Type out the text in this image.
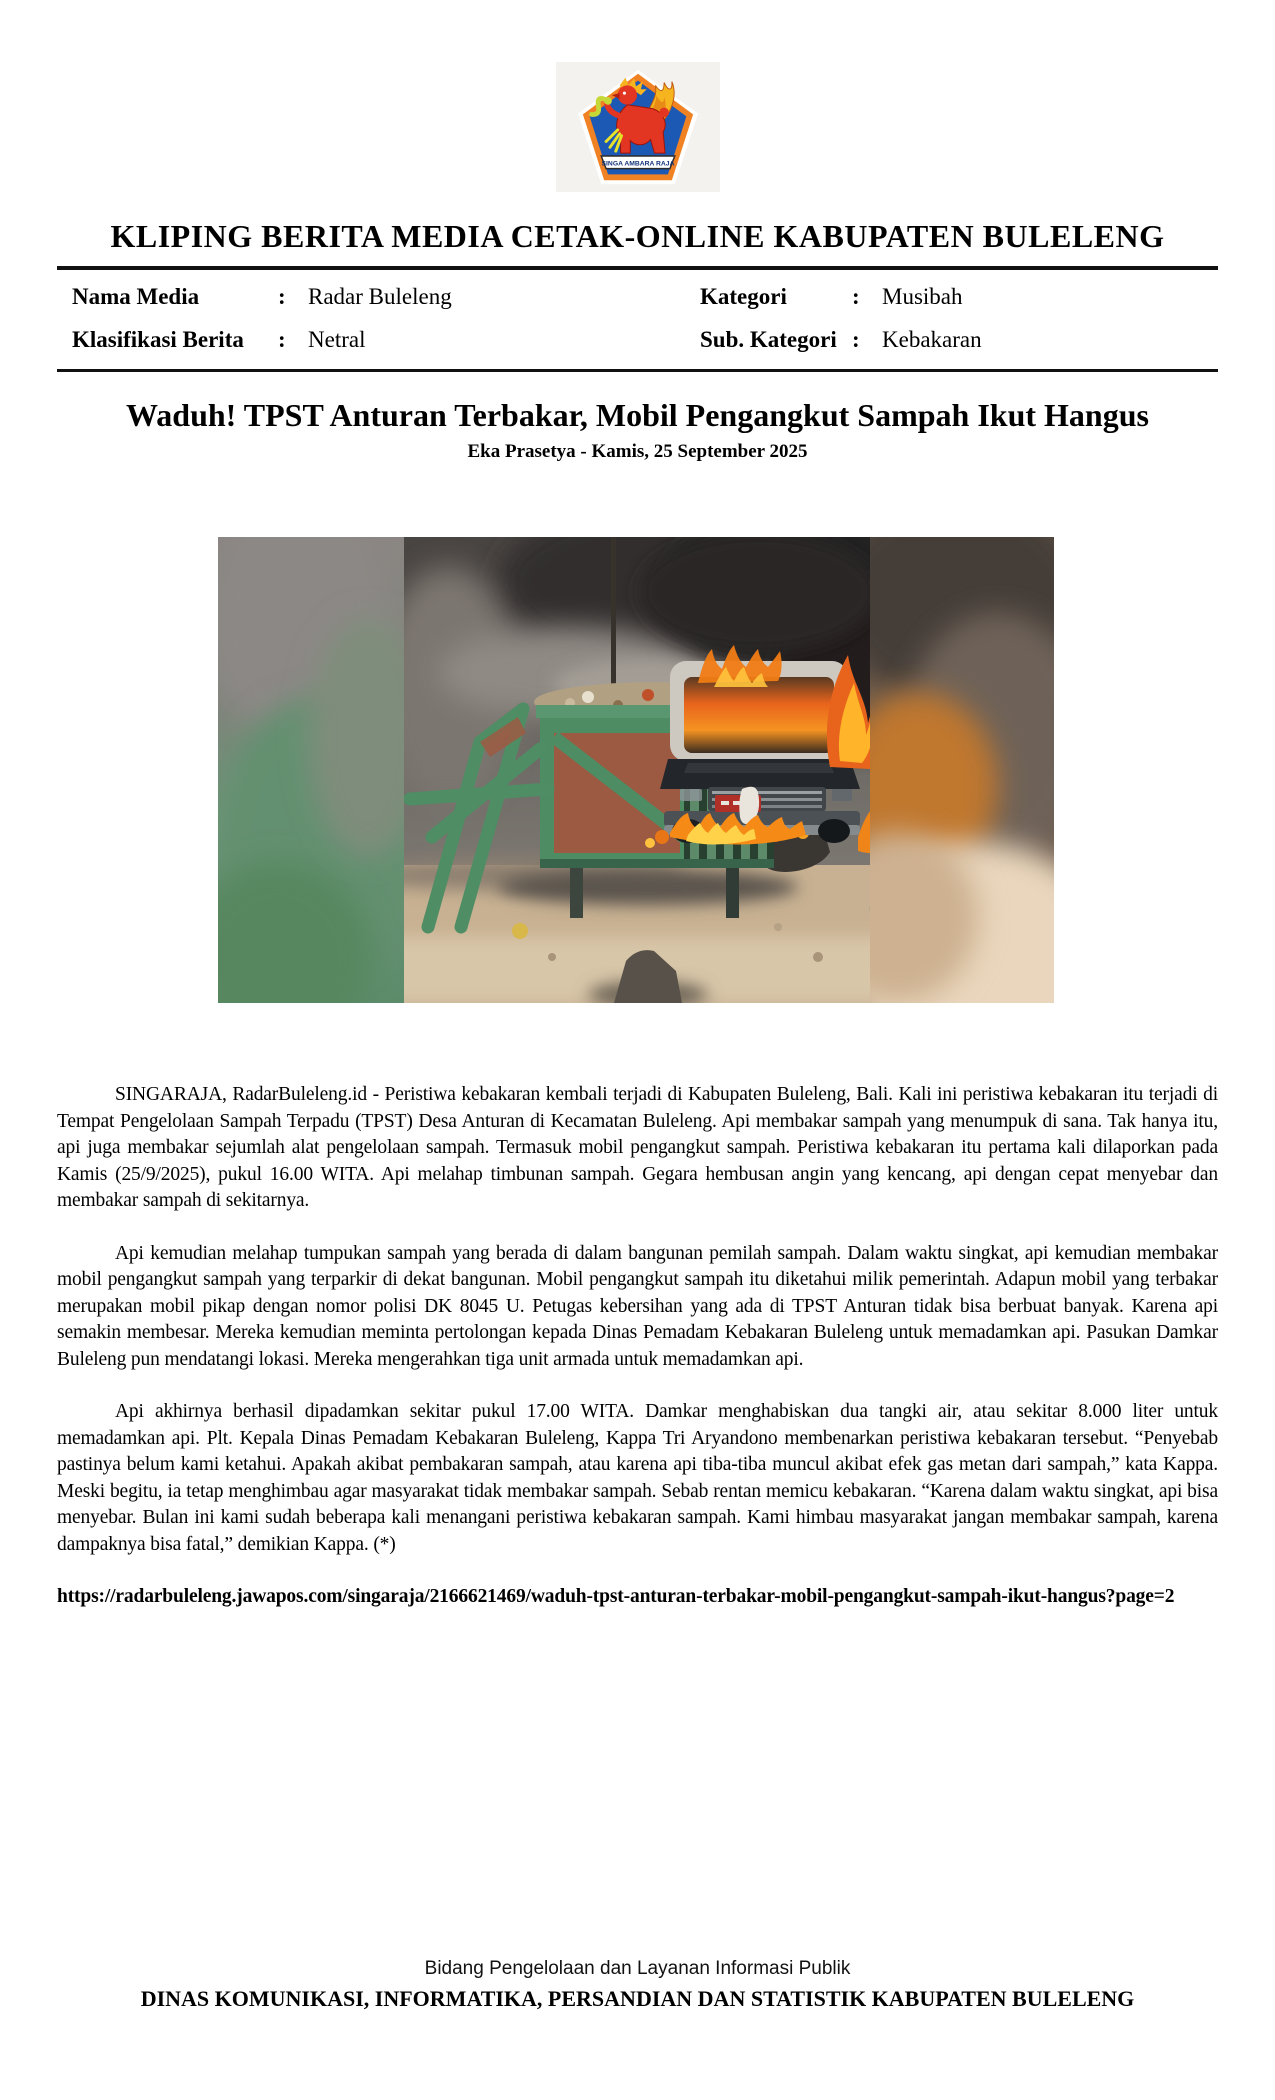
SINGA AMBARA RAJA
KLIPING BERITA MEDIA CETAK-ONLINE KABUPATEN BULELENG
Nama Media	: Radar Buleleng
Klasifikasi Berita	: Netral
Kategori	: Musibah
Sub. Kategori : Kebakaran
Waduh! TPST Anturan Terbakar, Mobil Pengangkut Sampah Ikut Hangus
Eka Prasetya - Kamis, 25 September 2025

SINGARAJA, RadarBuleleng.id - Peristiwa kebakaran kembali terjadi di Kabupaten Buleleng, Bali. Kali ini peristiwa kebakaran itu terjadi di Tempat Pengelolaan Sampah Terpadu (TPST) Desa Anturan di Kecamatan Buleleng. Api membakar sampah yang menumpuk di sana. Tak hanya itu, api juga membakar sejumlah alat pengelolaan sampah. Termasuk mobil pengangkut sampah. Peristiwa kebakaran itu pertama kali dilaporkan pada Kamis (25/9/2025), pukul 16.00 WITA. Api melahap timbunan sampah. Gegara hembusan angin yang kencang, api dengan cepat menyebar dan membakar sampah di sekitarnya.

Api kemudian melahap tumpukan sampah yang berada di dalam bangunan pemilah sampah. Dalam waktu singkat, api kemudian membakar mobil pengangkut sampah yang terparkir di dekat bangunan. Mobil pengangkut sampah itu diketahui milik pemerintah. Adapun mobil yang terbakar merupakan mobil pikap dengan nomor polisi DK 8045 U. Petugas kebersihan yang ada di TPST Anturan tidak bisa berbuat banyak. Karena api semakin membesar. Mereka kemudian meminta pertolongan kepada Dinas Pemadam Kebakaran Buleleng untuk memadamkan api. Pasukan Damkar Buleleng pun mendatangi lokasi. Mereka mengerahkan tiga unit armada untuk memadamkan api.

Api akhirnya berhasil dipadamkan sekitar pukul 17.00 WITA. Damkar menghabiskan dua tangki air, atau sekitar 8.000 liter untuk memadamkan api. Plt. Kepala Dinas Pemadam Kebakaran Buleleng, Kappa Tri Aryandono membenarkan peristiwa kebakaran tersebut. “Penyebab pastinya belum kami ketahui. Apakah akibat pembakaran sampah, atau karena api tiba-tiba muncul akibat efek gas metan dari sampah,” kata Kappa. Meski begitu, ia tetap menghimbau agar masyarakat tidak membakar sampah. Sebab rentan memicu kebakaran. “Karena dalam waktu singkat, api bisa menyebar. Bulan ini kami sudah beberapa kali menangani peristiwa kebakaran sampah. Kami himbau masyarakat jangan membakar sampah, karena dampaknya bisa fatal,” demikian Kappa. (*)

https://radarbuleleng.jawapos.com/singaraja/2166621469/waduh-tpst-anturan-terbakar-mobil-pengangkut-sampah-ikut-hangus?page=2

Bidang Pengelolaan dan Layanan Informasi Publik
DINAS KOMUNIKASI, INFORMATIKA, PERSANDIAN DAN STATISTIK KABUPATEN BULELENG
